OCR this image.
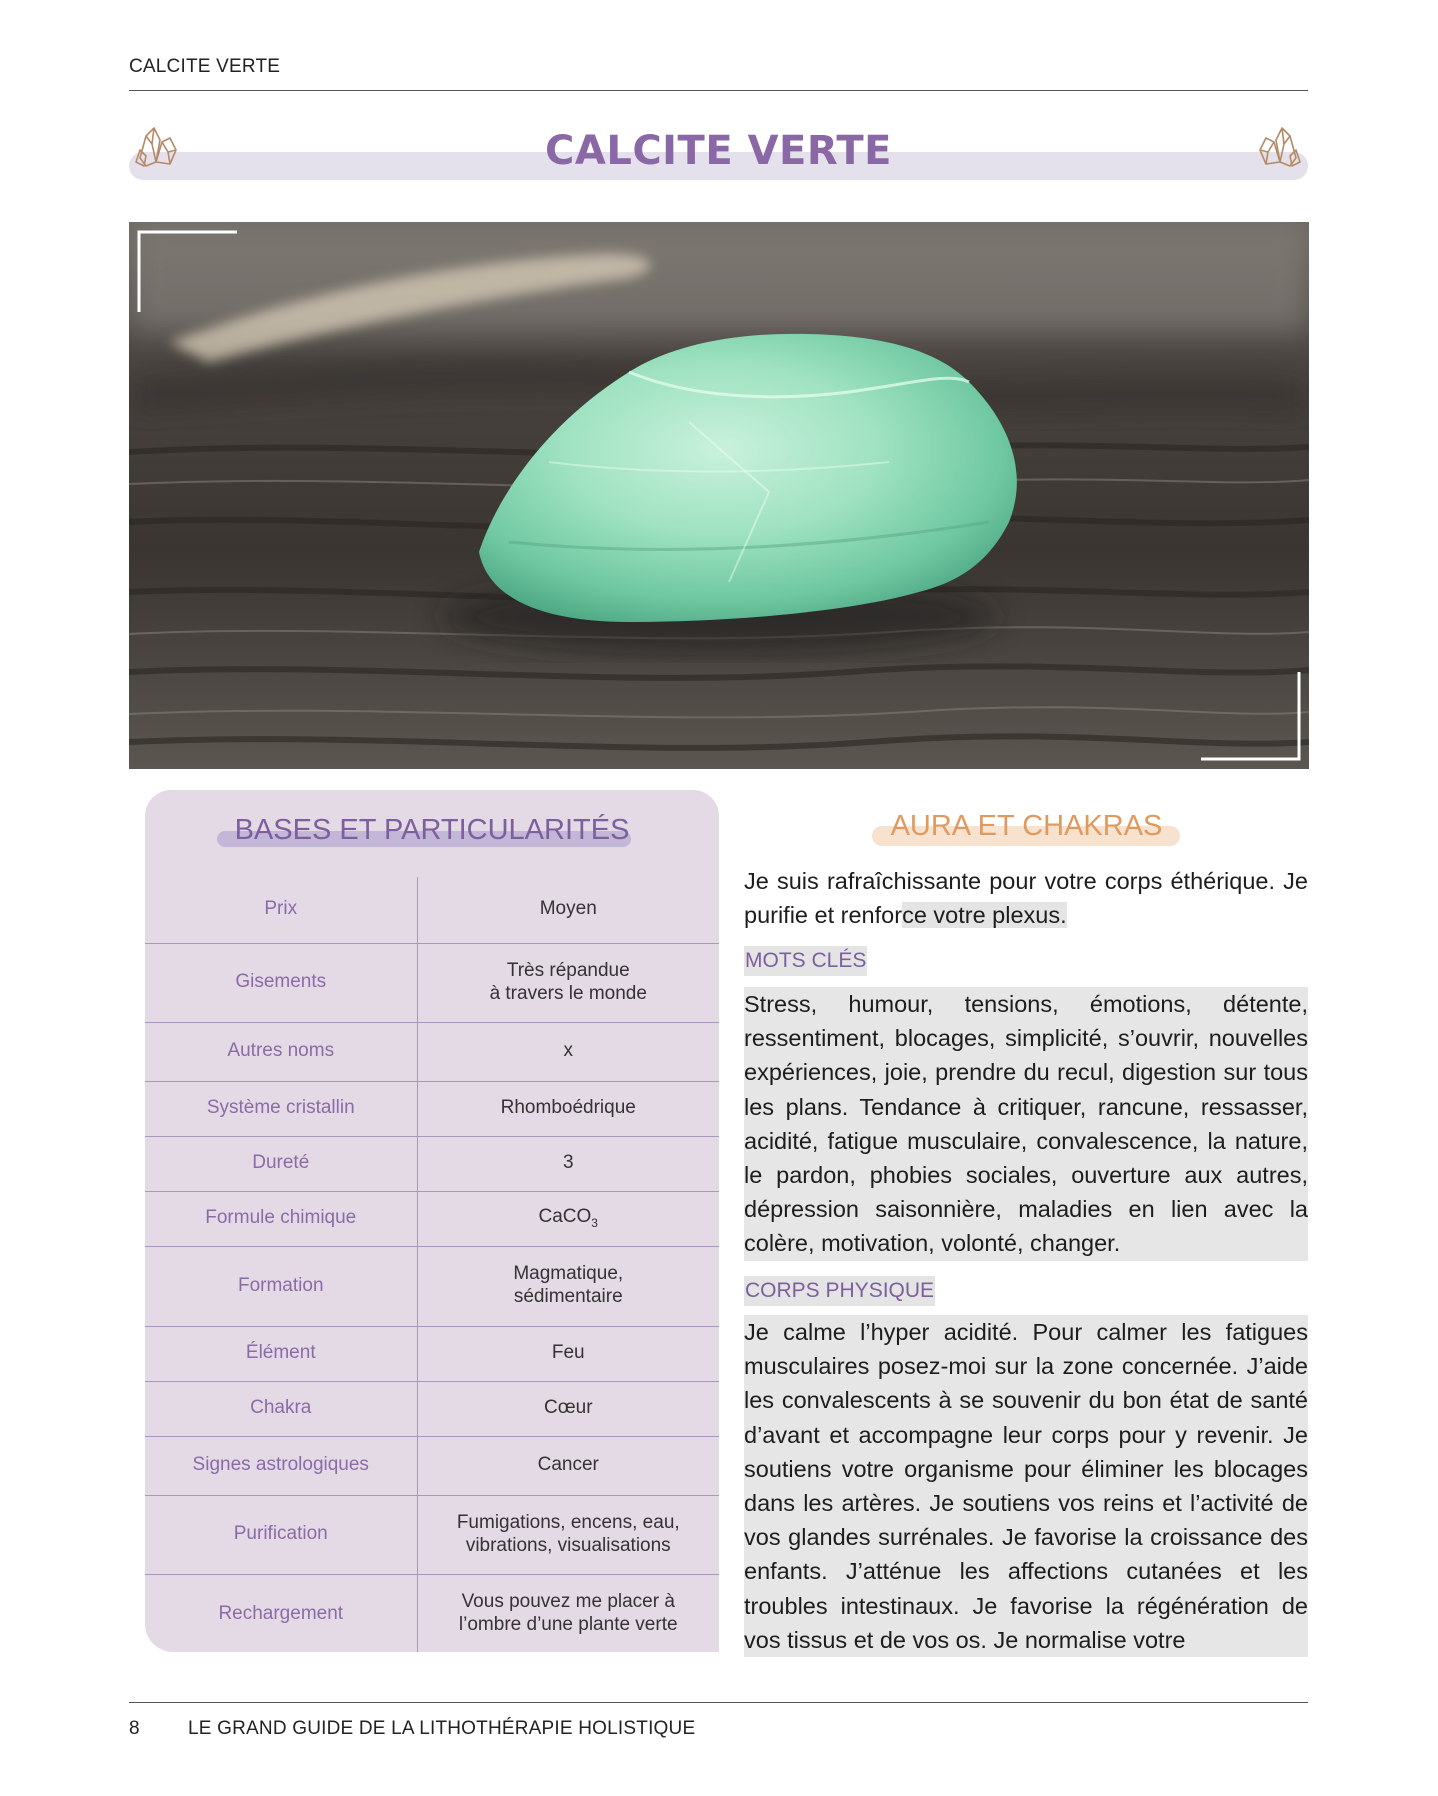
CALCITE VERTE
CALCITE VERTE
BASES ET PARTICULARITÉS
Prix	Moyen
Gisements	Très répandue
à travers le monde
Autres noms	x
Système cristallin	Rhomboédrique
Dureté	3
Formule chimique	CaCO$_3$
Formation	Magmatique,
sédimentaire
Élément	Feu
Chakra	Cœur
Signes astrologiques	Cancer
Purification	Fumigations, encens, eau,
vibrations, visualisations
Rechargement	Vous pouvez me placer à
l’ombre d’une plante verte
AURA ET CHAKRAS

Je suis rafraîchissante pour votre corps éthérique. Je purifie et renforce votre plexus.

MOTS CLÉS

Stress, humour, tensions, émotions, détente, ressentiment, blocages, simplicité, s’ouvrir, nouvelles expériences, joie, prendre du recul, digestion sur tous les plans. Tendance à critiquer, rancune, ressasser, acidité, fatigue musculaire, convalescence, la nature, le pardon, phobies sociales, ouverture aux autres, dépression saisonnière, maladies en lien avec la colère, motivation, volonté, changer.

CORPS PHYSIQUE

Je calme l’hyper acidité. Pour calmer les fatigues musculaires posez-moi sur la zone concernée. J’aide les convalescents à se souvenir du bon état de santé d’avant et accompagne leur corps pour y revenir. Je soutiens votre organisme pour éliminer les blocages dans les artères. Je soutiens vos reins et l’activité de vos glandes surrénales. Je favorise la croissance des enfants. J’atténue les affections cutanées et les troubles intestinaux. Je favorise la régénération de vos tissus et de vos os. Je normalise votre

8	LE GRAND GUIDE DE LA LITHOTHÉRAPIE HOLISTIQUE
